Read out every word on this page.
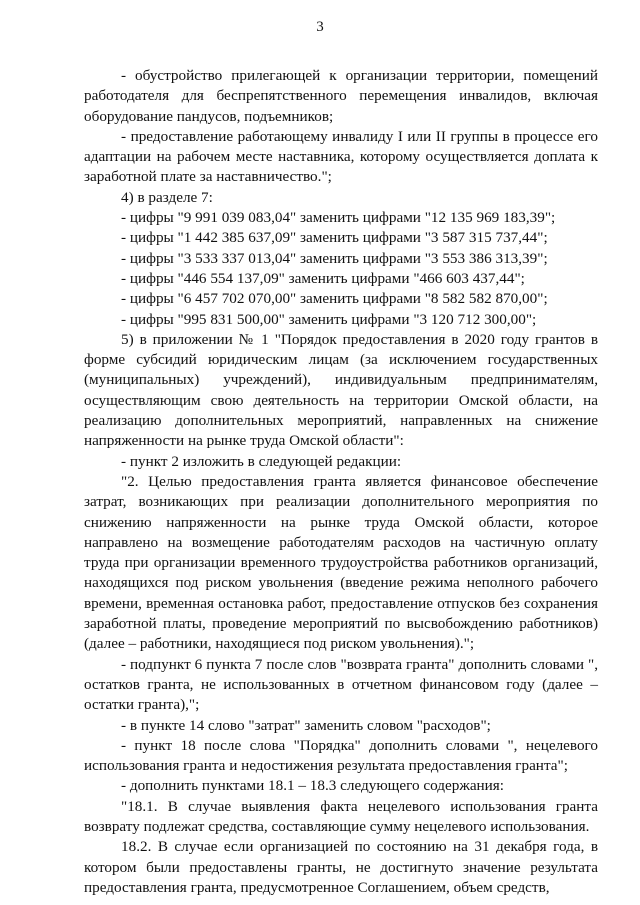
3

- обустройство прилегающей к организации территории, помещений работодателя для беспрепятственного перемещения инвалидов, включая оборудование пандусов, подъемников;

- предоставление работающему инвалиду I или II группы в процессе его адаптации на рабочем месте наставника, которому осуществляется доплата к заработной плате за наставничество.";

4) в разделе 7:

- цифры "9 991 039 083,04" заменить цифрами "12 135 969 183,39";

- цифры "1 442 385 637,09" заменить цифрами "3 587 315 737,44";

- цифры "3 533 337 013,04" заменить цифрами "3 553 386 313,39";

- цифры "446 554 137,09" заменить цифрами "466 603 437,44";

- цифры "6 457 702 070,00" заменить цифрами "8 582 582 870,00";

- цифры "995 831 500,00" заменить цифрами "3 120 712 300,00";

5) в приложении № 1 "Порядок предоставления в 2020 году грантов в форме субсидий юридическим лицам (за исключением государственных (муниципальных) учреждений), индивидуальным предпринимателям, осуществляющим свою деятельность на территории Омской области, на реализацию дополнительных мероприятий, направленных на снижение напряженности на рынке труда Омской области":

- пункт 2 изложить в следующей редакции:

"2. Целью предоставления гранта является финансовое обеспечение затрат, возникающих при реализации дополнительного мероприятия по снижению напряженности на рынке труда Омской области, которое направлено на возмещение работодателям расходов на частичную оплату труда при организации временного трудоустройства работников организаций, находящихся под риском увольнения (введение режима неполного рабочего времени, временная остановка работ, предоставление отпусков без сохранения заработной платы, проведение мероприятий по высвобождению работников) (далее – работники, находящиеся под риском увольнения).";

- подпункт 6 пункта 7 после слов "возврата гранта" дополнить словами ", остатков гранта, не использованных в отчетном финансовом году (далее – остатки гранта),";

- в пункте 14 слово "затрат" заменить словом "расходов";

- пункт 18 после слова "Порядка" дополнить словами ", нецелевого использования гранта и недостижения результата предоставления гранта";

- дополнить пунктами 18.1 – 18.3 следующего содержания:

"18.1. В случае выявления факта нецелевого использования гранта возврату подлежат средства, составляющие сумму нецелевого использования.

18.2. В случае если организацией по состоянию на 31 декабря года, в котором были предоставлены гранты, не достигнуто значение результата предоставления гранта, предусмотренное Соглашением, объем средств,
